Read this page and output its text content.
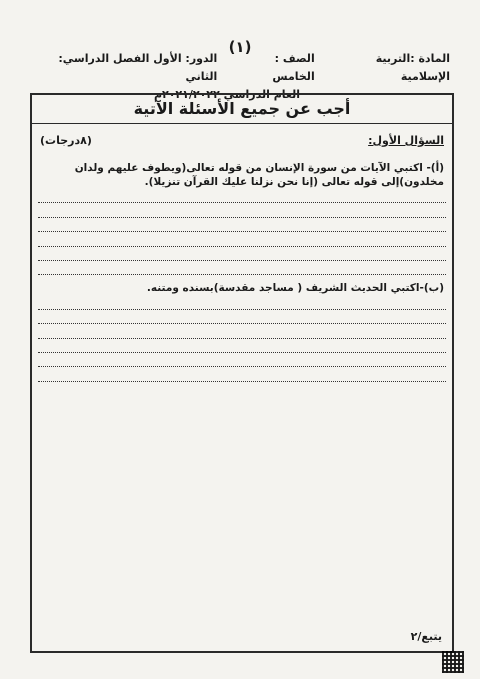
(١)
المادة :التربية الإسلامية
الصف : الخامس
الدور: الأول الفصل الدراسي: الثاني
العام الدراسي ٢٠٢١/٢٠٢٢م
أجب عن جميع الأسئلة الآتية
السؤال الأول:
(٨درجات)
(أ)- اكتبي الآيات من سورة الإنسان من قوله تعالى(ويطوف عليهم ولدان مخلدون)إلى قوله تعالى (إنا نحن نزلنا عليك القرآن تنزيلا).
(ب)-اكتبي الحديث الشريف ( مساجد مقدسة)بسنده ومتنه.
يتبع/٢
